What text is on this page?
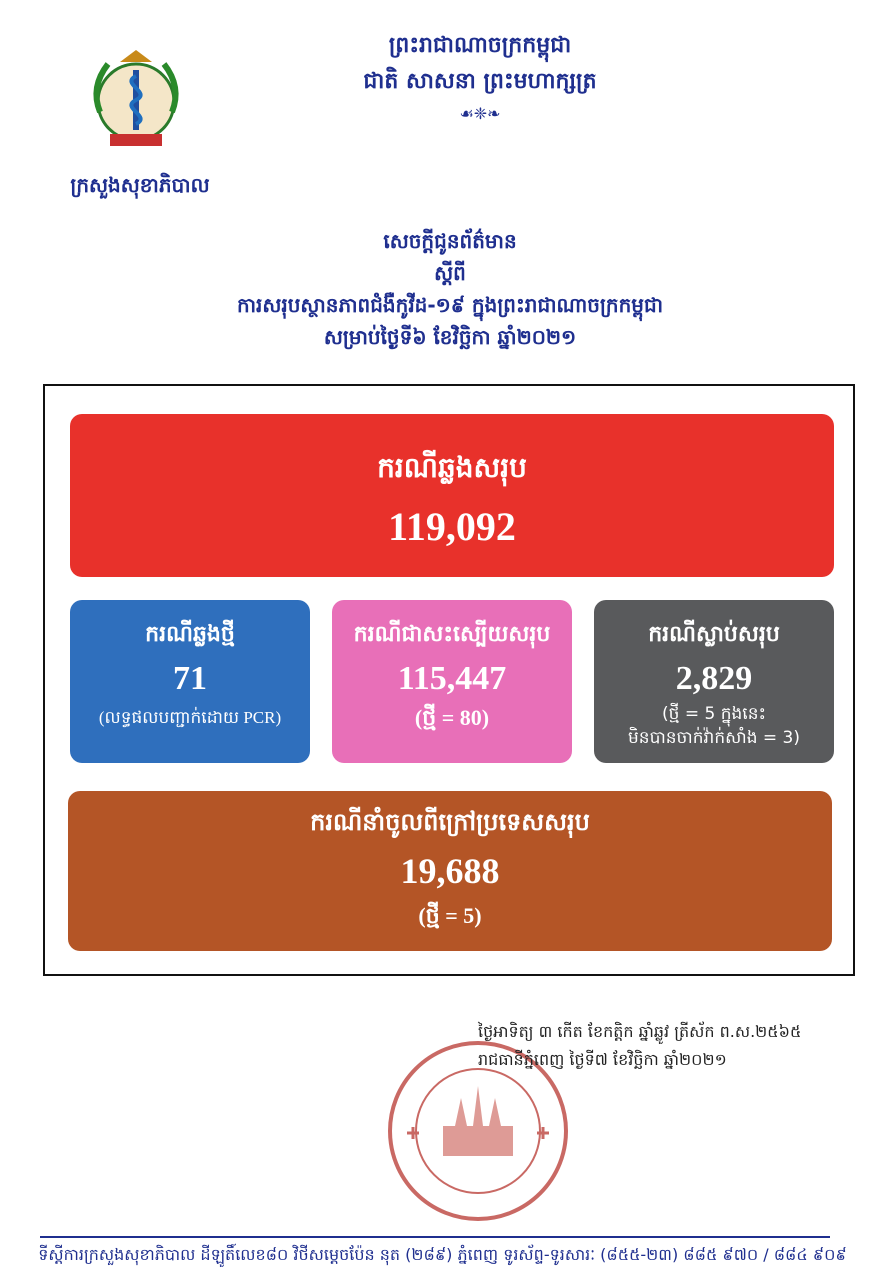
ព្រះរាជាណាចក្រកម្ពុជា
ជាតិ សាសនា ព្រះមហាក្សត្រ
☙❈❧
ក្រសួងសុខាភិបាល
សេចក្តីជូនព័ត៌មាន
ស្តីពី
ការសរុបស្ថានភាពជំងឺកូវីដ-១៩ ក្នុងព្រះរាជាណាចក្រកម្ពុជា
សម្រាប់ថ្ងៃទី៦ ខែវិច្ឆិកា ឆ្នាំ២០២១
ករណីឆ្លងសរុប
119,092
ករណីឆ្លងថ្មី
71
(លទ្ធផលបញ្ជាក់ដោយ PCR)
ករណីជាសះស្បើយសរុប
115,447
(ថ្មី = 80)
ករណីស្លាប់សរុប
2,829
(ថ្មី = 5 ក្នុងនេះ
មិនបានចាក់វ៉ាក់សាំង = 3)
ករណីនាំចូលពីក្រៅប្រទេសសរុប
19,688
(ថ្មី = 5)
ថ្ងៃអាទិត្យ ៣ កើត ខែកត្តិក ឆ្នាំឆ្លូវ ត្រីស័ក ព.ស.២៥៦៥
រាជធានីភ្នំពេញ ថ្ងៃទី៧ ខែវិច្ឆិកា ឆ្នាំ២០២១
ទីស្តីការក្រសួងសុខាភិបាល ដីឡូតិ៍លេខ៨០ វិថីសម្តេចប៉ែន នុត (២៨៩) ភ្នំពេញ ទូរស័ព្ទ-ទូរសារៈ (៨៥៥-២៣) ៨៨៥ ៩៧០ / ៨៨៤ ៩០៩
